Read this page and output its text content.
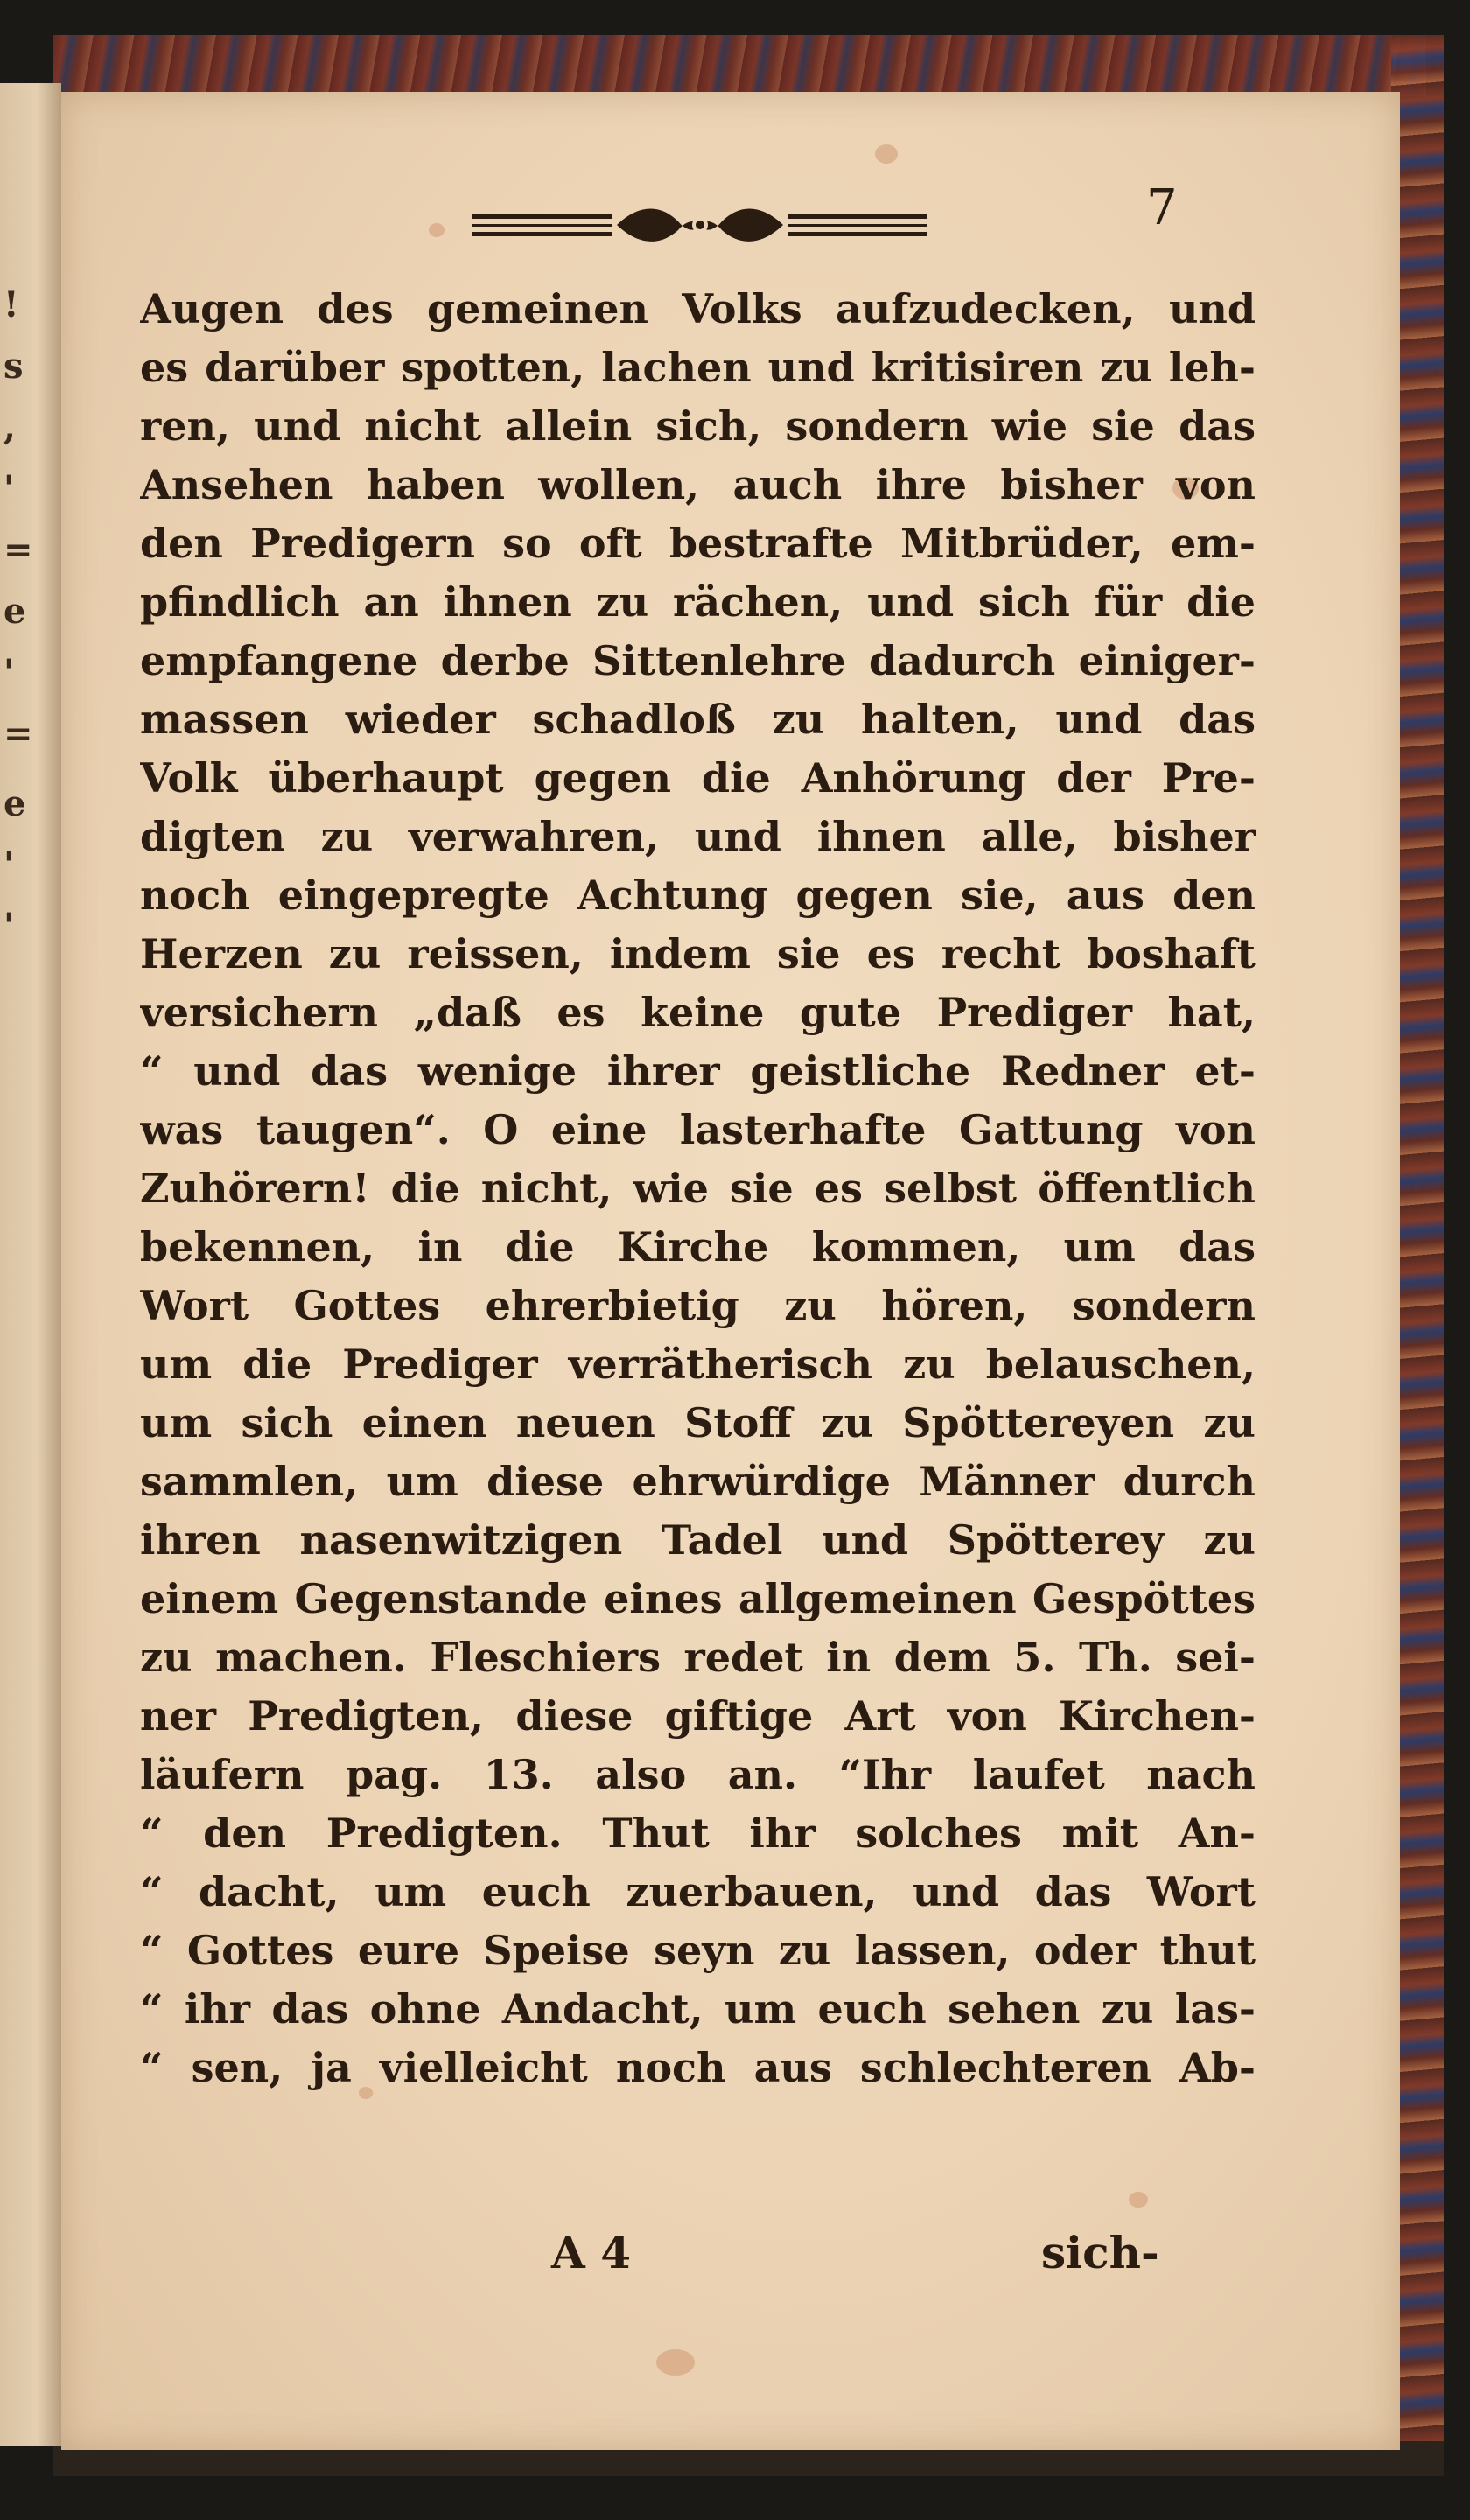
!
s
,
'
=
e
'
=
e
'
'
7
Augen des gemeinen Volks aufzudecken, und
es darüber spotten, lachen und kritisiren zu leh-
ren, und nicht allein sich, sondern wie sie das
Ansehen haben wollen, auch ihre bisher von
den Predigern so oft bestrafte Mitbrüder, em-
pfindlich an ihnen zu rächen, und sich für die
empfangene derbe Sittenlehre dadurch einiger-
massen wieder schadloß zu halten, und das
Volk überhaupt gegen die Anhörung der Pre-
digten zu verwahren, und ihnen alle, bisher
noch eingepregte Achtung gegen sie, aus den
Herzen zu reissen, indem sie es recht boshaft
versichern „daß es keine gute Prediger hat,
“ und das wenige ihrer geistliche Redner et-
was taugen“. O eine lasterhafte Gattung von
Zuhörern! die nicht, wie sie es selbst öffentlich
bekennen, in die Kirche kommen, um das
Wort Gottes ehrerbietig zu hören, sondern
um die Prediger verrätherisch zu belauschen,
um sich einen neuen Stoff zu Spöttereyen zu
sammlen, um diese ehrwürdige Männer durch
ihren nasenwitzigen Tadel und Spötterey zu
einem Gegenstande eines allgemeinen Gespöttes
zu machen. Fleschiers redet in dem 5. Th. sei-
ner Predigten, diese giftige Art von Kirchen-
läufern pag. 13. also an. “Ihr laufet nach
“ den Predigten. Thut ihr solches mit An-
“ dacht, um euch zuerbauen, und das Wort
“ Gottes eure Speise seyn zu lassen, oder thut
“ ihr das ohne Andacht, um euch sehen zu las-
“ sen, ja vielleicht noch aus schlechteren Ab-
A 4	sich-
